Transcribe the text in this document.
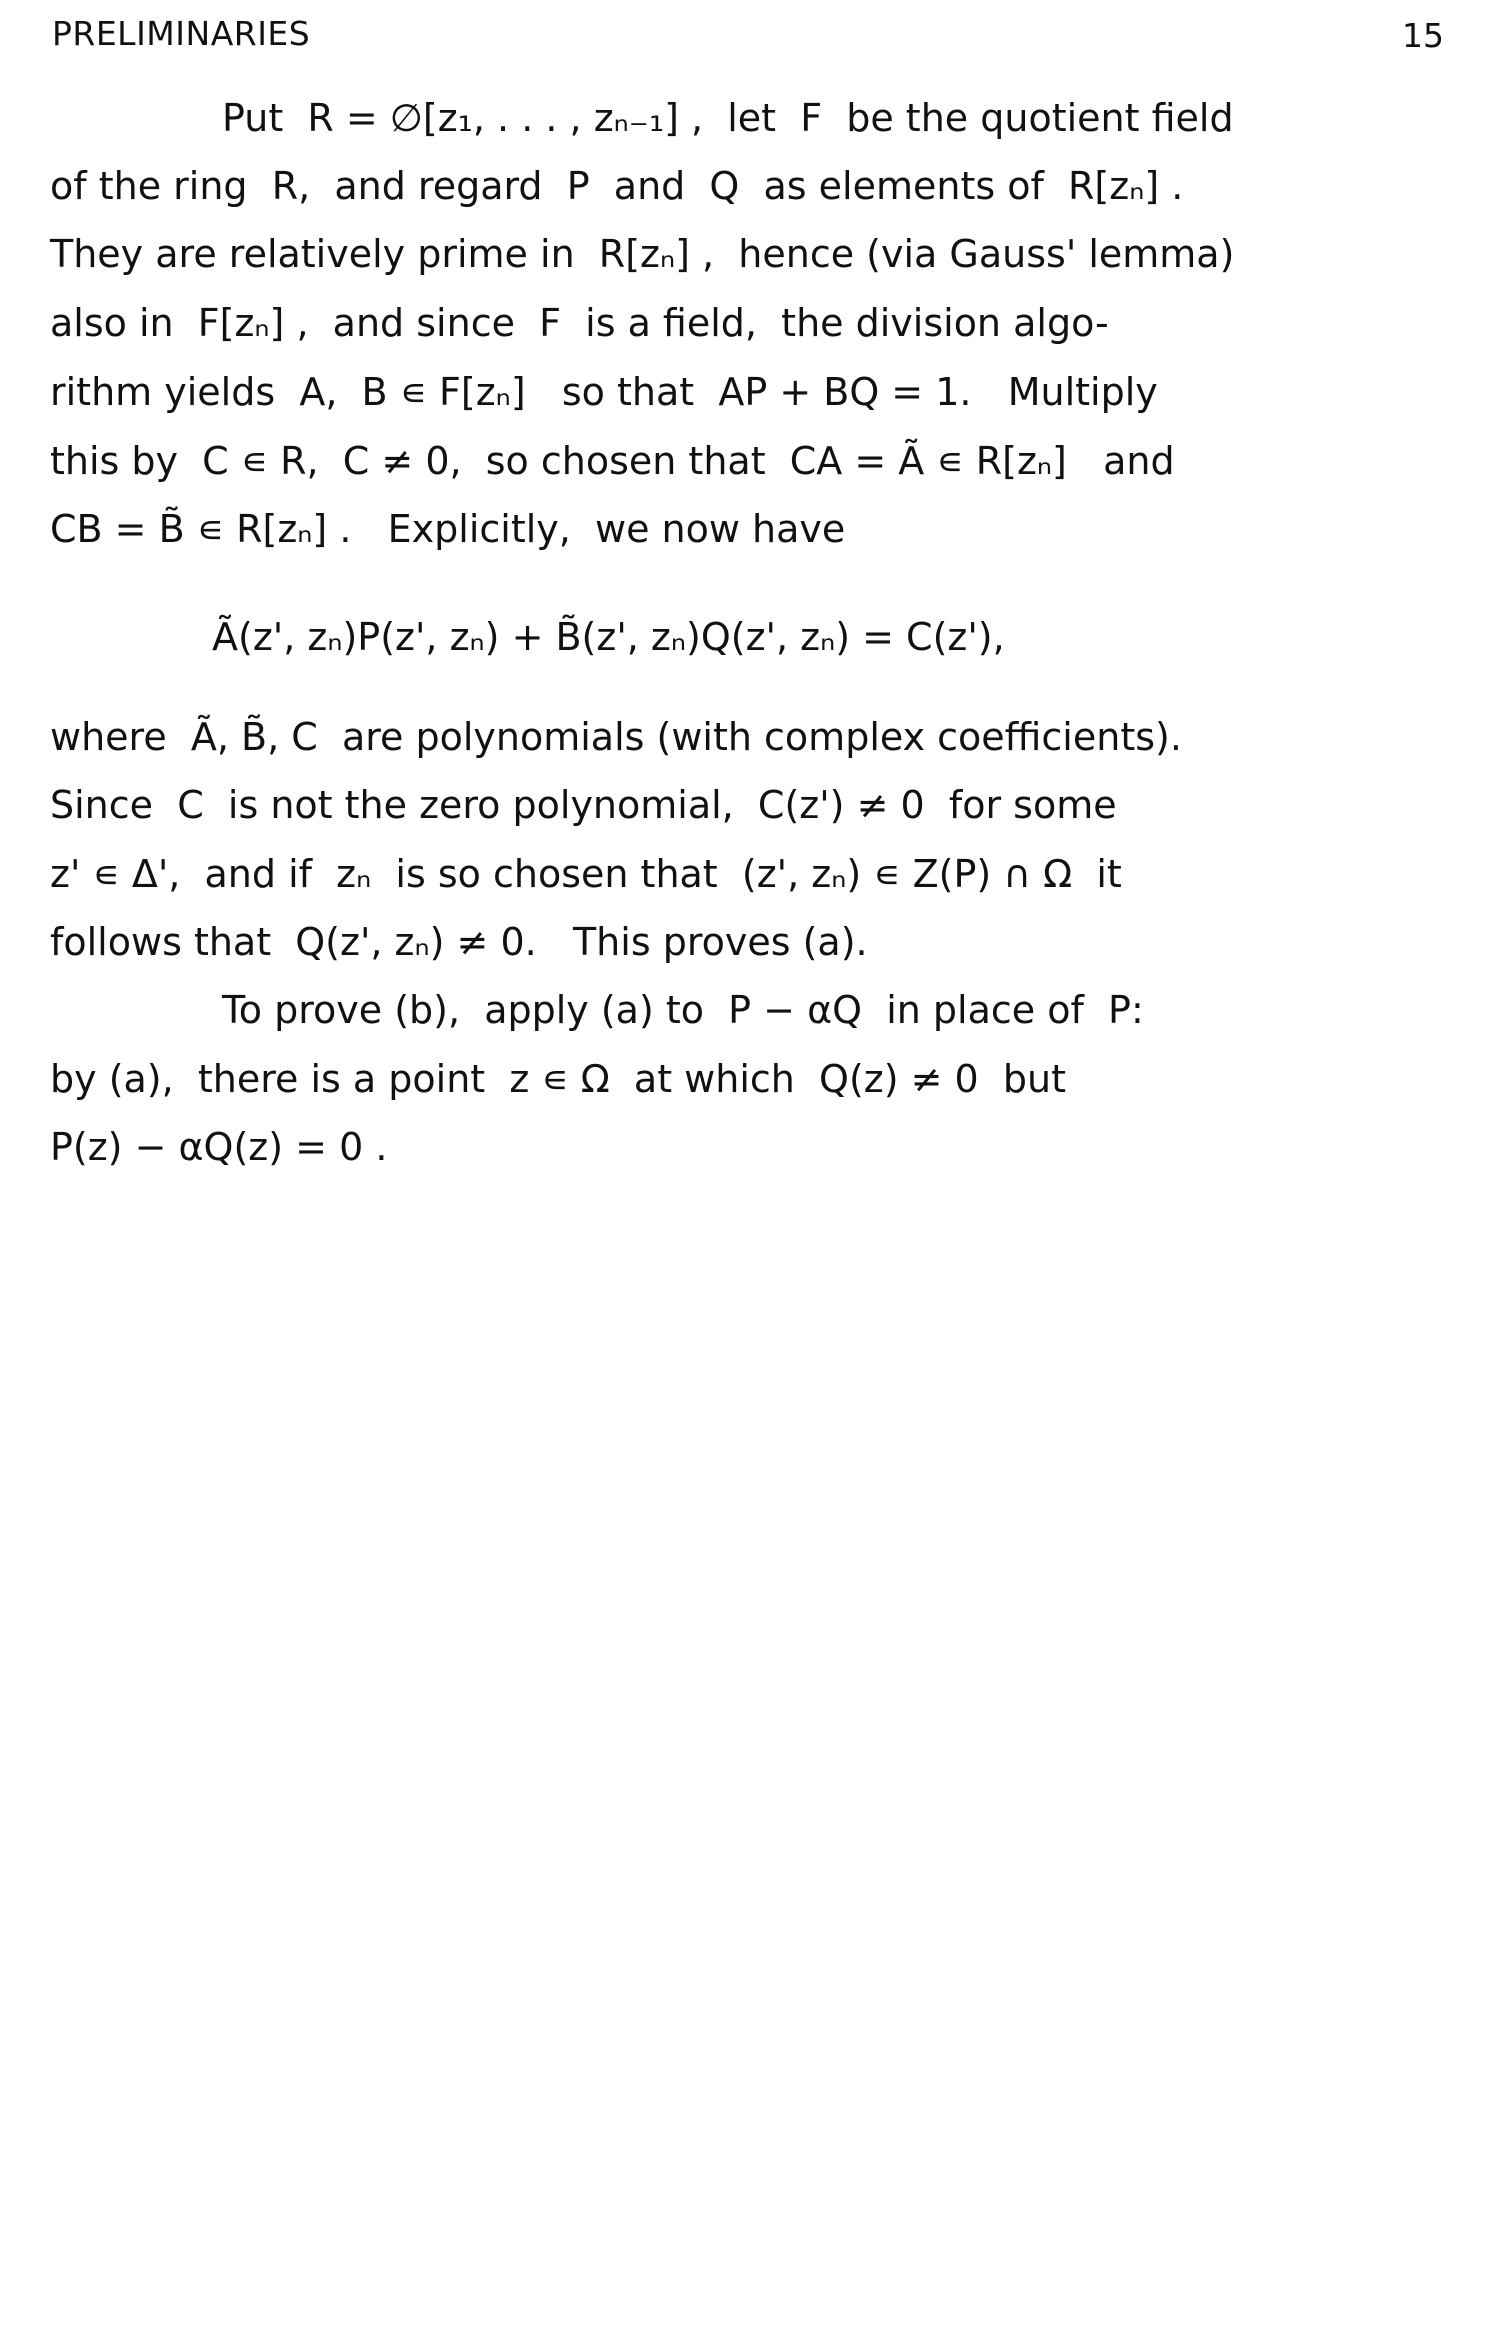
PRELIMINARIES	15
Put  R = ∅[z₁, . . . , zₙ₋₁] ,  let  F  be the quotient field
of the ring  R,  and regard  P  and  Q  as elements of  R[zₙ] .
They are relatively prime in  R[zₙ] ,  hence (via Gauss' lemma)
also in  F[zₙ] ,  and since  F  is a field,  the division algo-
rithm yields  A,  B ∊ F[zₙ]   so that  AP + BQ = 1.   Multiply
this by  C ∊ R,  C ≠ 0,  so chosen that  CA = Ã ∊ R[zₙ]   and
CB = B̃ ∊ R[zₙ] .   Explicitly,  we now have
Ã(z', zₙ)P(z', zₙ) + B̃(z', zₙ)Q(z', zₙ) = C(z'),
where  Ã, B̃, C  are polynomials (with complex coefficients).
Since  C  is not the zero polynomial,  C(z') ≠ 0  for some
z' ∊ Δ',  and if  zₙ  is so chosen that  (z', zₙ) ∊ Z(P) ∩ Ω  it
follows that  Q(z', zₙ) ≠ 0.   This proves (a).
To prove (b),  apply (a) to  P − αQ  in place of  P:
by (a),  there is a point  z ∊ Ω  at which  Q(z) ≠ 0  but
P(z) − αQ(z) = 0 .
